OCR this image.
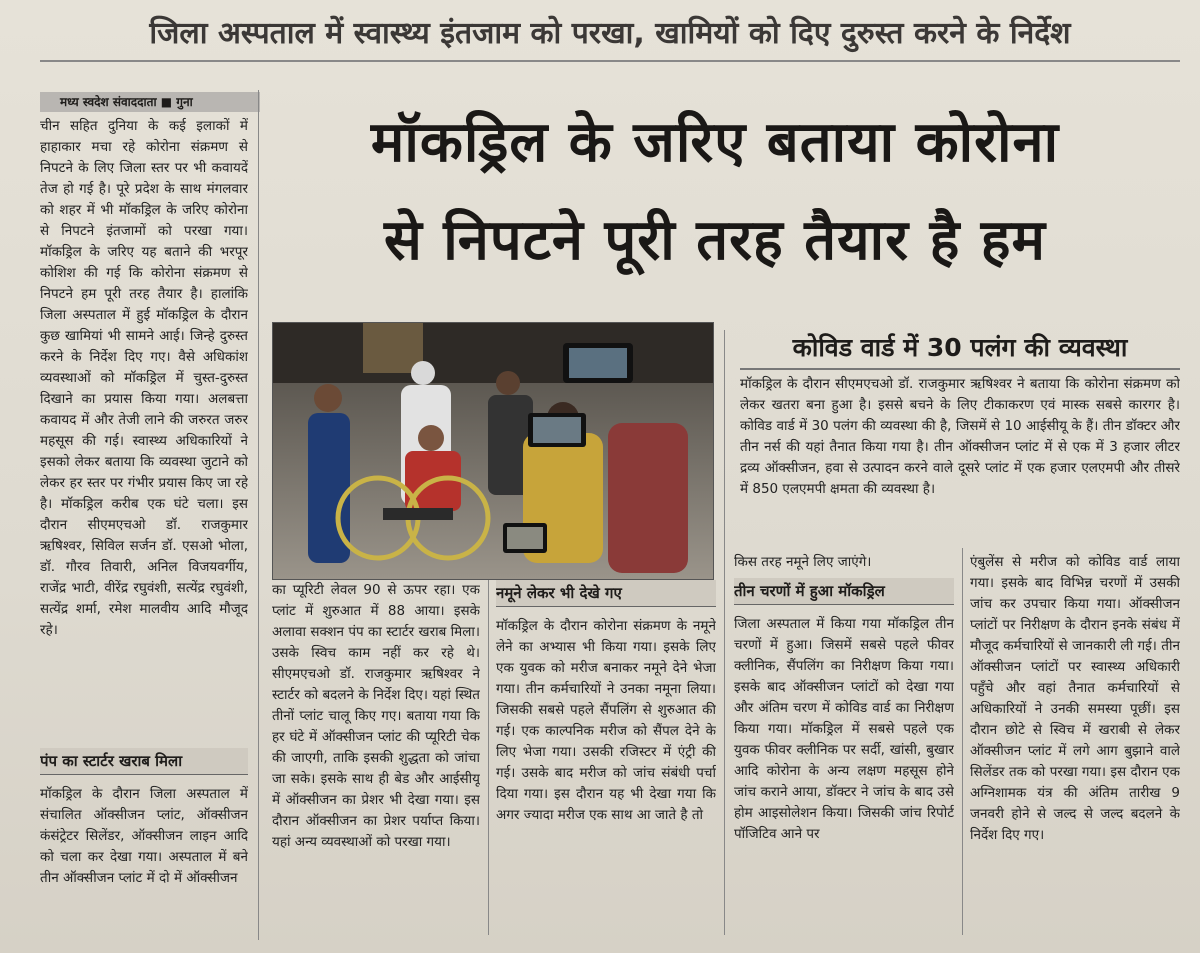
जिला अस्पताल में स्वास्थ्य इंतजाम को परखा, खामियों को दिए दुरुस्त करने के निर्देश
मध्य स्वदेश संवाददाता ■ गुना
मॉकड्रिल के जरिए बताया कोरोना
से निपटने पूरी तरह तैयार है हम
चीन सहित दुनिया के कई इलाकों में हाहाकार मचा रहे कोरोना संक्रमण से निपटने के लिए जिला स्तर पर भी कवायदें तेज हो गई है। पूरे प्रदेश के साथ मंगलवार को शहर में भी मॉकड्रिल के जरिए कोरोना से निपटने इंतजामों को परखा गया। मॉकड्रिल के जरिए यह बताने की भरपूर कोशिश की गई कि कोरोना संक्रमण से निपटने हम पूरी तरह तैयार है। हालांकि जिला अस्पताल में हुई मॉकड्रिल के दौरान कुछ खामियां भी सामने आई। जिन्हे दुरुस्त करने के निर्देश दिए गए। वैसे अधिकांश व्यवस्थाओं को मॉकड्रिल में चुस्त-दुरुस्त दिखाने का प्रयास किया गया। अलबत्ता कवायद में और तेजी लाने की जरुरत जरुर महसूस की गई। स्वास्थ्य अधिकारियों ने इसको लेकर बताया कि व्यवस्था जुटाने को लेकर हर स्तर पर गंभीर प्रयास किए जा रहे है। मॉकड्रिल करीब एक घंटे चला। इस दौरान सीएमएचओ डॉ. राजकुमार ऋषिश्वर, सिविल सर्जन डॉ. एसओ भोला, डॉ. गौरव तिवारी, अनिल विजयवर्गीय, राजेंद्र भाटी, वीरेंद्र रघुवंशी, सत्येंद्र रघुवंशी, सत्येंद्र शर्मा, रमेश मालवीय आदि मौजूद रहे।
पंप का स्टार्टर खराब मिला
मॉकड्रिल के दौरान जिला अस्पताल में संचालित ऑक्सीजन प्लांट, ऑक्सीजन कंसंट्रेटर सिलेंडर, ऑक्सीजन लाइन आदि को चला कर देखा गया। अस्पताल में बने तीन ऑक्सीजन प्लांट में दो में ऑक्सीजन
का प्यूरिटी लेवल 90 से ऊपर रहा। एक प्लांट में शुरुआत में 88 आया। इसके अलावा सक्शन पंप का स्टार्टर खराब मिला। उसके स्विच काम नहीं कर रहे थे। सीएमएचओ डॉ. राजकुमार ऋषिश्वर ने स्टार्टर को बदलने के निर्देश दिए। यहां स्थित तीनों प्लांट चालू किए गए। बताया गया कि हर घंटे में ऑक्सीजन प्लांट की प्यूरिटी चेक की जाएगी, ताकि इसकी शुद्धता को जांचा जा सके। इसके साथ ही बेड और आईसीयू में ऑक्सीजन का प्रेशर भी देखा गया। इस दौरान ऑक्सीजन का प्रेशर पर्याप्त किया। यहां अन्य व्यवस्थाओं को परखा गया।
नमूने लेकर भी देखे गए
मॉकड्रिल के दौरान कोरोना संक्रमण के नमूने लेने का अभ्यास भी किया गया। इसके लिए एक युवक को मरीज बनाकर नमूने देने भेजा गया। तीन कर्मचारियों ने उनका नमूना लिया। जिसकी सबसे पहले सैंपलिंग से शुरुआत की गई। एक काल्पनिक मरीज को सैंपल देने के लिए भेजा गया। उसकी रजिस्टर में एंट्री की गई। उसके बाद मरीज को जांच संबंधी पर्चा दिया गया। इस दौरान यह भी देखा गया कि अगर ज्यादा मरीज एक साथ आ जाते है तो
कोविड वार्ड में 30 पलंग की व्यवस्था
मॉकड्रिल के दौरान सीएमएचओ डॉ. राजकुमार ऋषिश्वर ने बताया कि कोरोना संक्रमण को लेकर खतरा बना हुआ है। इससे बचने के लिए टीकाकरण एवं मास्क सबसे कारगर है। कोविड वार्ड में 30 पलंग की व्यवस्था की है, जिसमें से 10 आईसीयू के हैं। तीन डॉक्टर और तीन नर्स की यहां तैनात किया गया है। तीन ऑक्सीजन प्लांट में से एक में 3 हजार लीटर द्रव्य ऑक्सीजन, हवा से उत्पादन करने वाले दूसरे प्लांट में एक हजार एलएमपी और तीसरे में 850 एलएमपी क्षमता की व्यवस्था है।
किस तरह नमूने लिए जाएंगे।
तीन चरणों में हुआ मॉकड्रिल
जिला अस्पताल में किया गया मॉकड्रिल तीन चरणों में हुआ। जिसमें सबसे पहले फीवर क्लीनिक, सैंपलिंग का निरीक्षण किया गया। इसके बाद ऑक्सीजन प्लांटों को देखा गया और अंतिम चरण में कोविड वार्ड का निरीक्षण किया गया। मॉकड्रिल में सबसे पहले एक युवक फीवर क्लीनिक पर सर्दी, खांसी, बुखार आदि कोरोना के अन्य लक्षण महसूस होने जांच कराने आया, डॉक्टर ने जांच के बाद उसे होम आइसोलेशन किया। जिसकी जांच रिपोर्ट पॉजिटिव आने पर
एंबुलेंस से मरीज को कोविड वार्ड लाया गया। इसके बाद विभिन्न चरणों में उसकी जांच कर उपचार किया गया। ऑक्सीजन प्लांटों पर निरीक्षण के दौरान इनके संबंध में मौजूद कर्मचारियों से जानकारी ली गई। तीन ऑक्सीजन प्लांटों पर स्वास्थ्य अधिकारी पहुँचे और वहां तैनात कर्मचारियों से अधिकारियों ने उनकी समस्या पूछीं। इस दौरान छोटे से स्विच में खराबी से लेकर ऑक्सीजन प्लांट में लगे आग बुझाने वाले सिलेंडर तक को परखा गया। इस दौरान एक अग्निशामक यंत्र की अंतिम तारीख 9 जनवरी होने से जल्द से जल्द बदलने के निर्देश दिए गए।
